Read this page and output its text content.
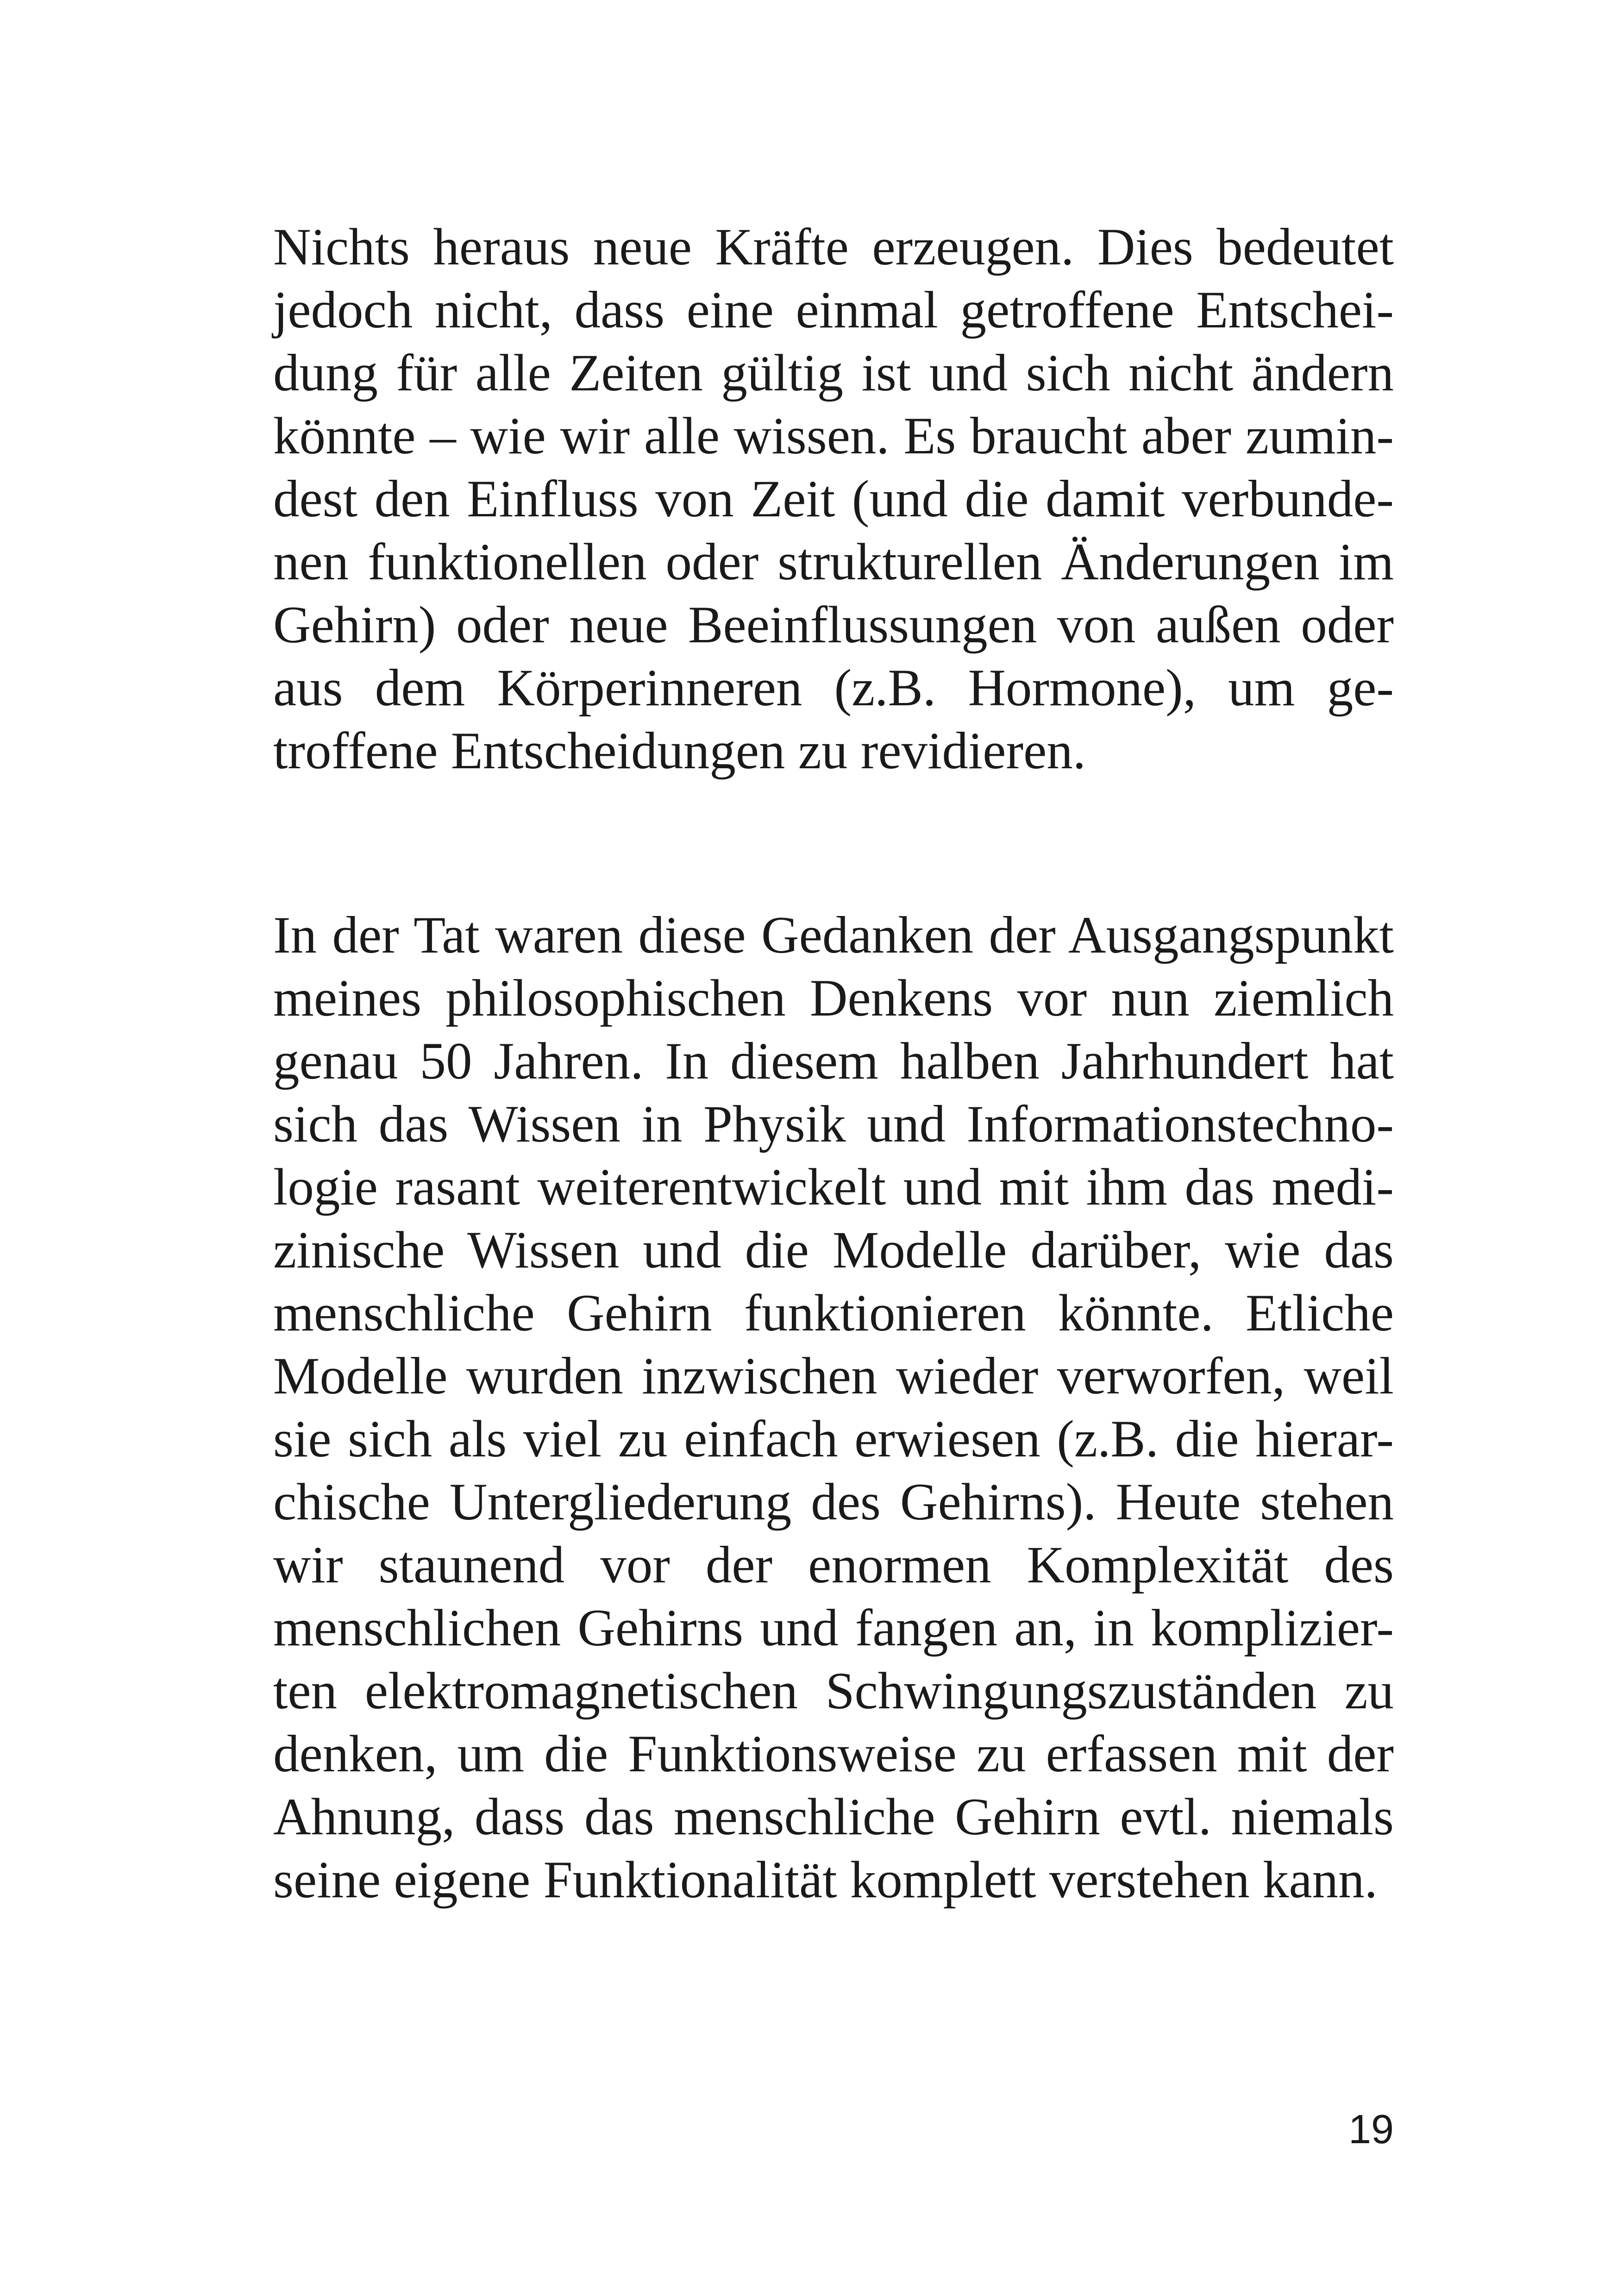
Nichts heraus neue Kräfte erzeugen. Dies bedeutet
jedoch nicht, dass eine einmal getroffene Entschei-
dung für alle Zeiten gültig ist und sich nicht ändern
könnte – wie wir alle wissen. Es braucht aber zumin-
dest den Einfluss von Zeit (und die damit verbunde-
nen funktionellen oder strukturellen Änderungen im
Gehirn) oder neue Beeinflussungen von außen oder
aus dem Körperinneren (z.B. Hormone), um ge-
troffene Entscheidungen zu revidieren.
In der Tat waren diese Gedanken der Ausgangspunkt
meines philosophischen Denkens vor nun ziemlich
genau 50 Jahren. In diesem halben Jahrhundert hat
sich das Wissen in Physik und Informationstechno-
logie rasant weiterentwickelt und mit ihm das medi-
zinische Wissen und die Modelle darüber, wie das
menschliche Gehirn funktionieren könnte. Etliche
Modelle wurden inzwischen wieder verworfen, weil
sie sich als viel zu einfach erwiesen (z.B. die hierar-
chische Untergliederung des Gehirns). Heute stehen
wir staunend vor der enormen Komplexität des
menschlichen Gehirns und fangen an, in komplizier-
ten elektromagnetischen Schwingungszuständen zu
denken, um die Funktionsweise zu erfassen mit der
Ahnung, dass das menschliche Gehirn evtl. niemals
seine eigene Funktionalität komplett verstehen kann.
19
